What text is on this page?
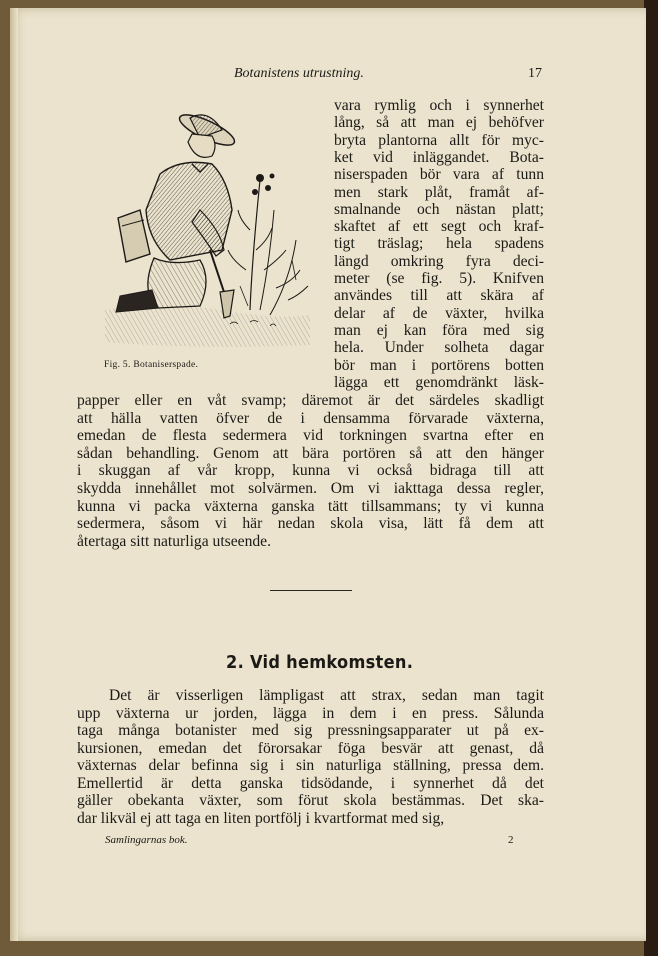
Botanistens utrustning.	17
Fig. 5. Botaniserspade.
vara rymlig och i synnerhet
lång, så att man ej behöfver
bryta plantorna allt för myc-
ket vid inläggandet. Bota-
niserspaden bör vara af tunn
men stark plåt, framåt af-
smalnande och nästan platt;
skaftet af ett segt och kraf-
tigt träslag; hela spadens
längd omkring fyra deci-
meter (se fig. 5). Knifven
användes till att skära af
delar af de växter, hvilka
man ej kan föra med sig
hela. Under solheta dagar
bör man i portörens botten
lägga ett genomdränkt läsk-
papper eller en våt svamp; däremot är det särdeles skadligt
att hälla vatten öfver de i densamma förvarade växterna,
emedan de flesta sedermera vid torkningen svartna efter en
sådan behandling. Genom att bära portören så att den hänger
i skuggan af vår kropp, kunna vi också bidraga till att
skydda innehållet mot solvärmen. Om vi iakttaga dessa regler,
kunna vi packa växterna ganska tätt tillsammans; ty vi kunna
sedermera, såsom vi här nedan skola visa, lätt få dem att
återtaga sitt naturliga utseende.
2. Vid hemkomsten.
Det är visserligen lämpligast att strax, sedan man tagit
upp växterna ur jorden, lägga in dem i en press. Sålunda
taga många botanister med sig pressningsapparater ut på ex-
kursionen, emedan det förorsakar föga besvär att genast, då
växternas delar befinna sig i sin naturliga ställning, pressa dem.
Emellertid är detta ganska tidsödande, i synnerhet då det
gäller obekanta växter, som förut skola bestämmas. Det ska-
dar likväl ej att taga en liten portfölj i kvartformat med sig,
Samlingarnas bok.	2
